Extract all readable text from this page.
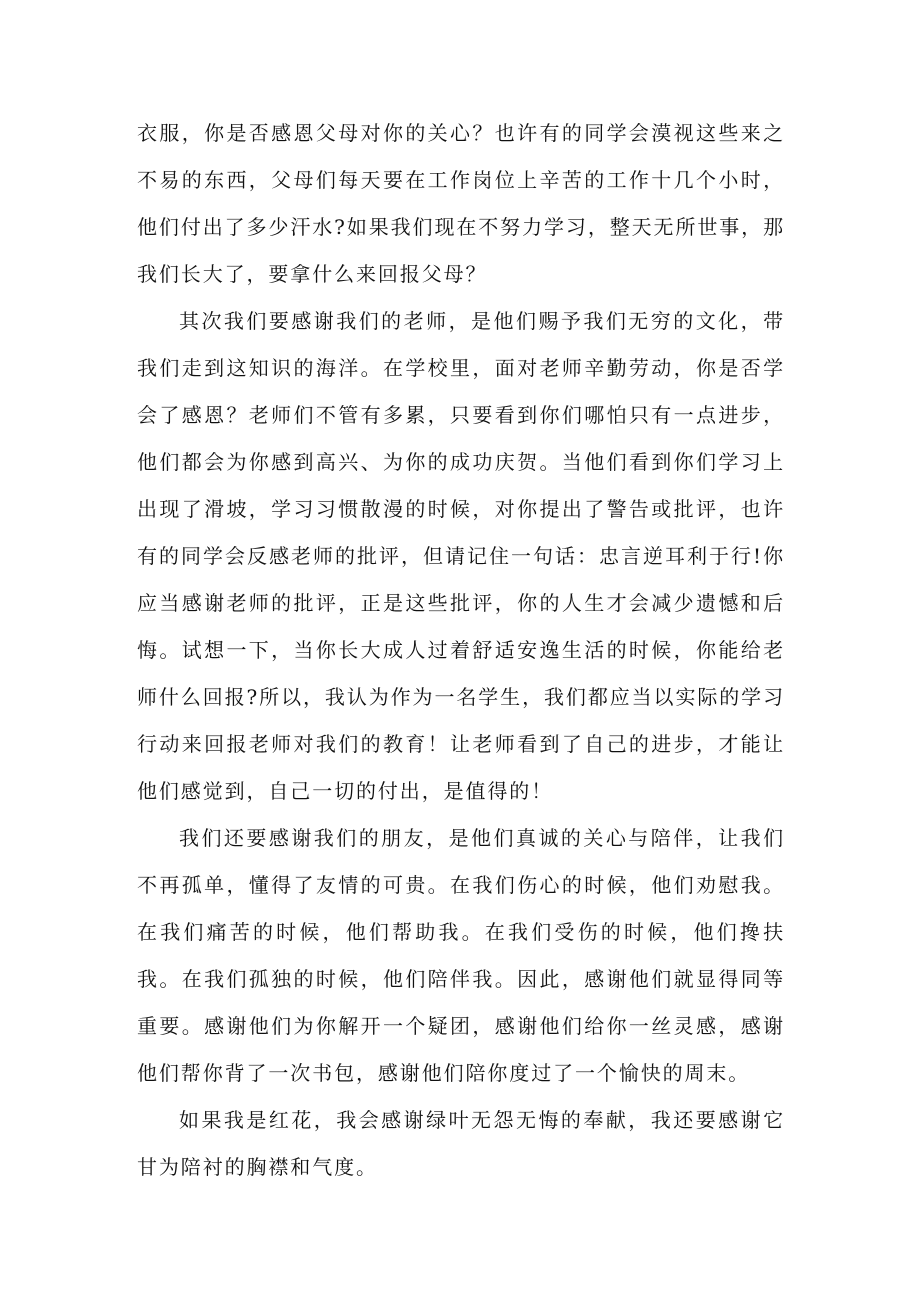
衣服，你是否感恩父母对你的关心？也许有的同学会漠视这些来之不易的东西，父母们每天要在工作岗位上辛苦的工作十几个小时，他们付出了多少汗水?如果我们现在不努力学习，整天无所世事，那我们长大了，要拿什么来回报父母？

其次我们要感谢我们的老师，是他们赐予我们无穷的文化，带我们走到这知识的海洋。在学校里，面对老师辛勤劳动，你是否学会了感恩？老师们不管有多累，只要看到你们哪怕只有一点进步，他们都会为你感到高兴、为你的成功庆贺。当他们看到你们学习上出现了滑坡，学习习惯散漫的时候，对你提出了警告或批评，也许有的同学会反感老师的批评，但请记住一句话：忠言逆耳利于行!你应当感谢老师的批评，正是这些批评，你的人生才会减少遗憾和后悔。试想一下，当你长大成人过着舒适安逸生活的时候，你能给老师什么回报?所以，我认为作为一名学生，我们都应当以实际的学习行动来回报老师对我们的教育！让老师看到了自己的进步，才能让他们感觉到，自己一切的付出，是值得的！

我们还要感谢我们的朋友，是他们真诚的关心与陪伴，让我们不再孤单，懂得了友情的可贵。在我们伤心的时候，他们劝慰我。在我们痛苦的时候，他们帮助我。在我们受伤的时候，他们搀扶我。在我们孤独的时候，他们陪伴我。因此，感谢他们就显得同等重要。感谢他们为你解开一个疑团，感谢他们给你一丝灵感，感谢他们帮你背了一次书包，感谢他们陪你度过了一个愉快的周末。

如果我是红花，我会感谢绿叶无怨无悔的奉献，我还要感谢它甘为陪衬的胸襟和气度。
